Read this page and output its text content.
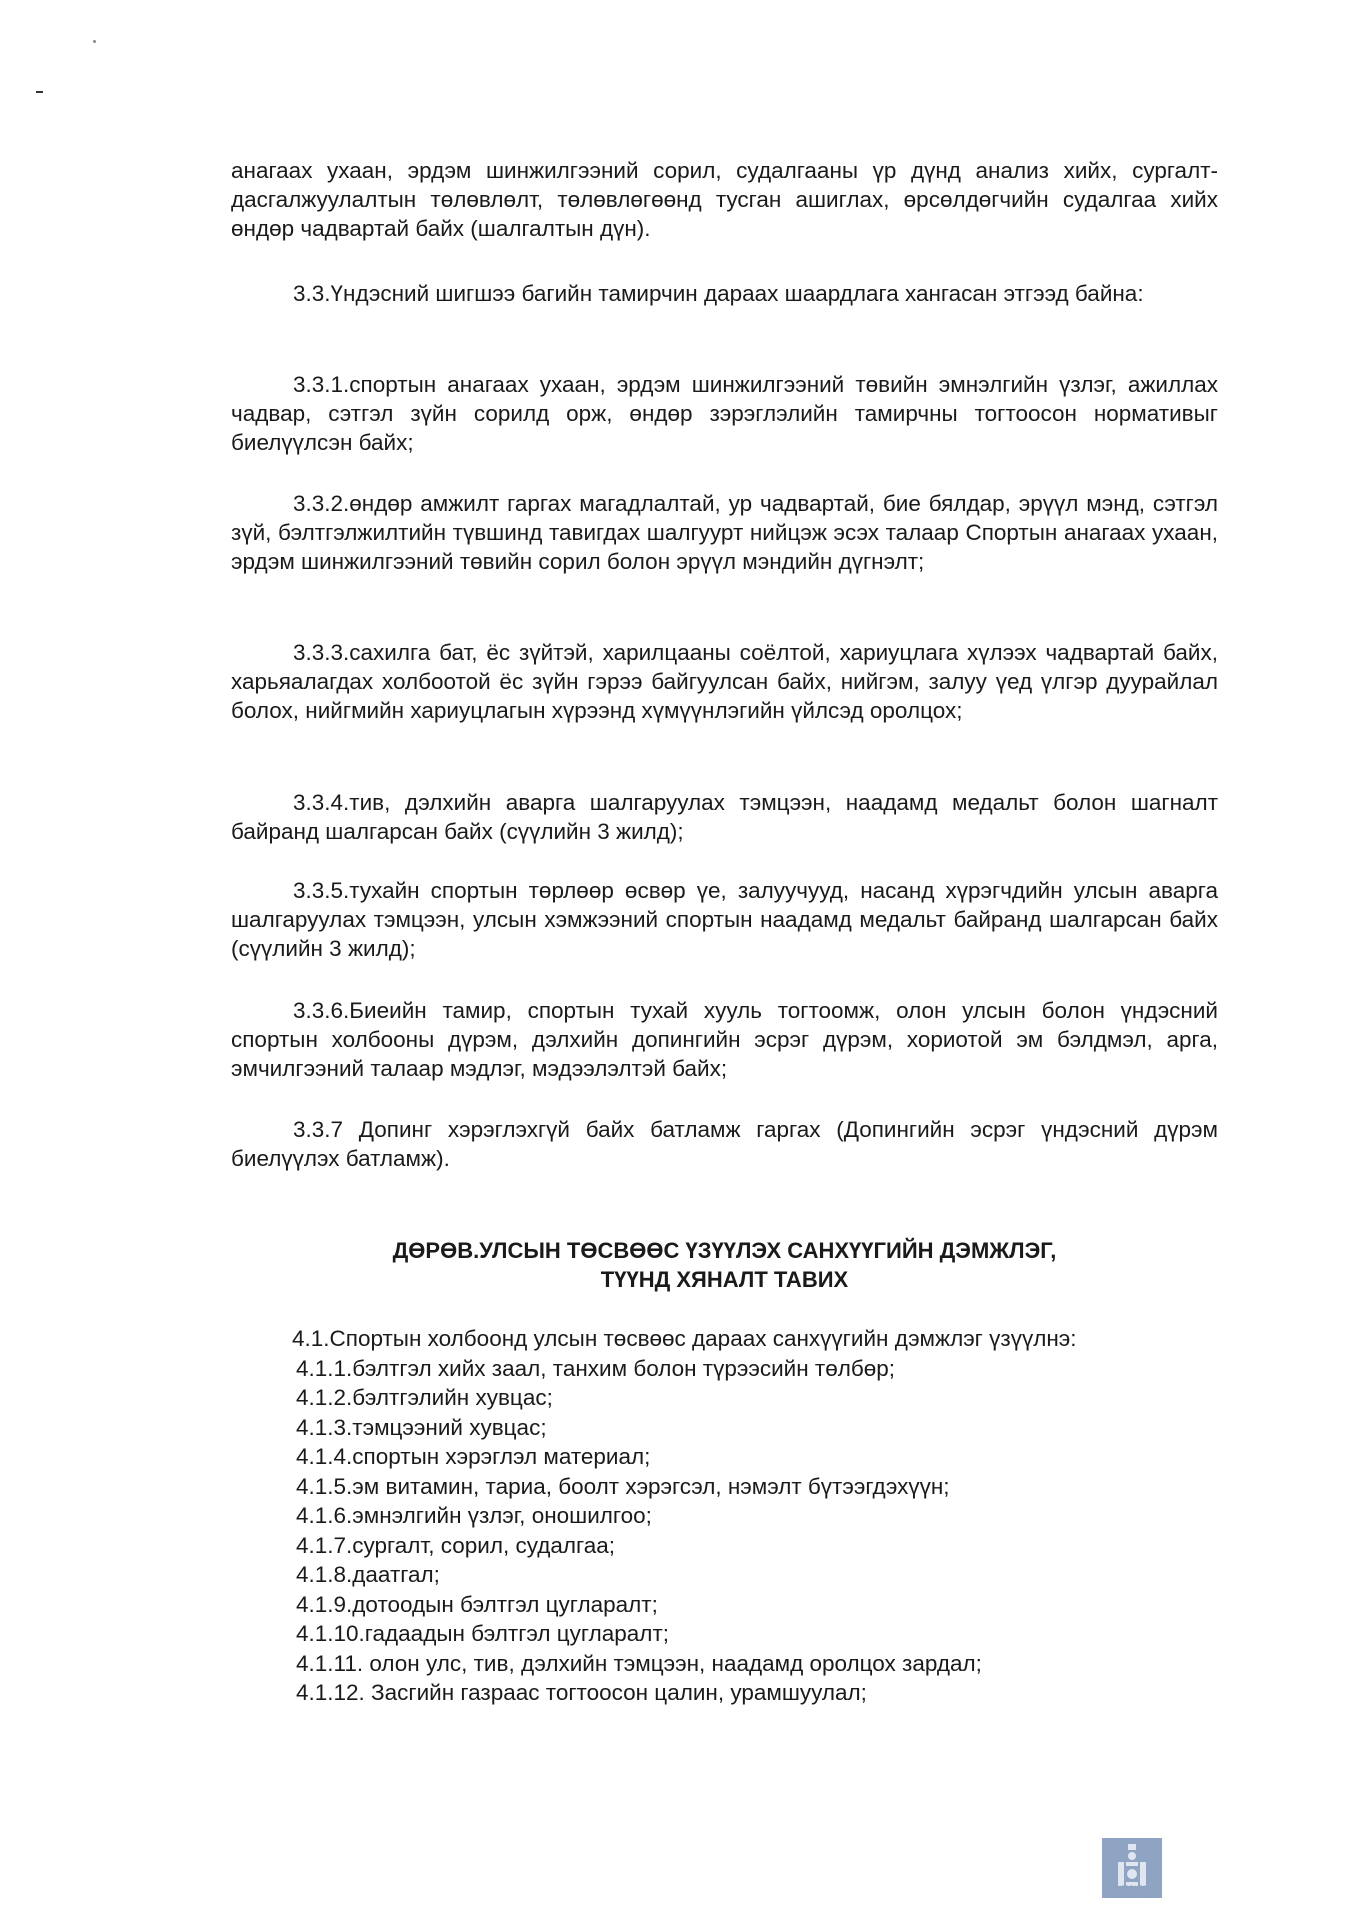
анагаах ухаан, эрдэм шинжилгээний сорил, судалгааны үр дүнд анализ хийх, сургалт-дасгалжуулалтын төлөвлөлт, төлөвлөгөөнд тусган ашиглах, өрсөлдөгчийн судалгаа хийх өндөр чадвартай байх (шалгалтын дүн).

3.3.Үндэсний шигшээ багийн тамирчин дараах шаардлага хангасан этгээд байна:

3.3.1.спортын анагаах ухаан, эрдэм шинжилгээний төвийн эмнэлгийн үзлэг, ажиллах чадвар, сэтгэл зүйн сорилд орж, өндөр зэрэглэлийн тамирчны тогтоосон нормативыг биелүүлсэн байх;

3.3.2.өндөр амжилт гаргах магадлалтай, ур чадвартай, бие бялдар, эрүүл мэнд, сэтгэл зүй, бэлтгэлжилтийн түвшинд тавигдах шалгуурт нийцэж эсэх талаар Спортын анагаах ухаан, эрдэм шинжилгээний төвийн сорил болон эрүүл мэндийн дүгнэлт;

3.3.3.сахилга бат, ёс зүйтэй, харилцааны соёлтой, хариуцлага хүлээх чадвартай байх, харьяалагдах холбоотой ёс зүйн гэрээ байгуулсан байх, нийгэм, залуу үед үлгэр дуурайлал болох, нийгмийн хариуцлагын хүрээнд хүмүүнлэгийн үйлсэд оролцох;

3.3.4.тив, дэлхийн аварга шалгаруулах тэмцээн, наадамд медальт болон шагналт байранд шалгарсан байх (сүүлийн 3 жилд);

3.3.5.тухайн спортын төрлөөр өсвөр үе, залуучууд, насанд хүрэгчдийн улсын аварга шалгаруулах тэмцээн, улсын хэмжээний спортын наадамд медальт байранд шалгарсан байх (сүүлийн 3 жилд);

3.3.6.Биеийн тамир, спортын тухай хууль тогтоомж, олон улсын болон үндэсний спортын холбооны дүрэм, дэлхийн допингийн эсрэг дүрэм, хориотой эм бэлдмэл, арга, эмчилгээний талаар мэдлэг, мэдээлэлтэй байх;

3.3.7 Допинг хэрэглэхгүй байх батламж гаргах (Допингийн эсрэг үндэсний дүрэм биелүүлэх батламж).

ДӨРӨВ.УЛСЫН ТӨСВӨӨС ҮЗҮҮЛЭХ САНХҮҮГИЙН ДЭМЖЛЭГ,
ТҮҮНД ХЯНАЛТ ТАВИХ
4.1.Спортын холбоонд улсын төсвөөс дараах санхүүгийн дэмжлэг үзүүлнэ:
4.1.1.бэлтгэл хийх заал, танхим болон түрээсийн төлбөр;
4.1.2.бэлтгэлийн хувцас;
4.1.3.тэмцээний хувцас;
4.1.4.спортын хэрэглэл материал;
4.1.5.эм витамин, тариа, боолт хэрэгсэл, нэмэлт бүтээгдэхүүн;
4.1.6.эмнэлгийн үзлэг, оношилгоо;
4.1.7.сургалт, сорил, судалгаа;
4.1.8.даатгал;
4.1.9.дотоодын бэлтгэл цугларалт;
4.1.10.гадаадын бэлтгэл цугларалт;
4.1.11. олон улс, тив, дэлхийн тэмцээн, наадамд оролцох зардал;
4.1.12. Засгийн газраас тогтоосон цалин, урамшуулал;
МОНГОЛ УЛСЫН ЗАСГИЙН ГАЗАР
